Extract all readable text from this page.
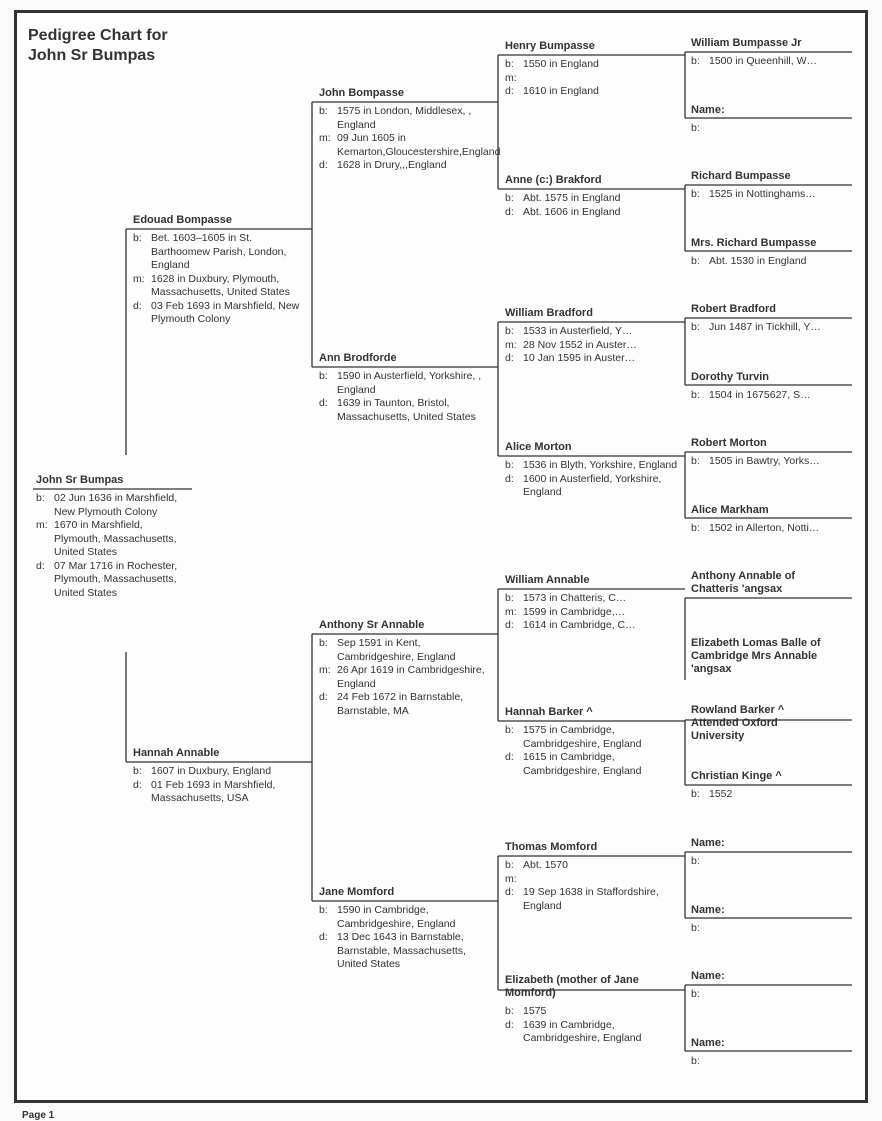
Pedigree Chart for
John Sr Bumpas
John Sr Bumpas
b: 02 Jun 1636 in Marshfield, New Plymouth Colony
m: 1670 in Marshfield, Plymouth, Massachusetts, United States
d: 07 Mar 1716 in Rochester, Plymouth, Massachusetts, United States
Edouad Bompasse
b: Bet. 1603–1605 in St. Barthoomew Parish, London, England
m: 1628 in Duxbury, Plymouth, Massachusetts, United States
d: 03 Feb 1693 in Marshfield, New Plymouth Colony
Hannah Annable
b: 1607 in Duxbury, England
d: 01 Feb 1693 in Marshfield, Massachusetts, USA
John Bompasse
b: 1575 in London, Middlesex, , England
m: 09 Jun 1605 in Kemarton,Gloucestershire,England
d: 1628 in Drury,,,England
Ann Brodforde
b: 1590 in Austerfield, Yorkshire, , England
d: 1639 in Taunton, Bristol, Massachusetts, United States
Anthony Sr Annable
b: Sep 1591 in Kent, Cambridgeshire, England
m: 26 Apr 1619 in Cambridgeshire, England
d: 24 Feb 1672 in Barnstable, Barnstable, MA
Jane Momford
b: 1590 in Cambridge, Cambridgeshire, England
d: 13 Dec 1643 in Barnstable, Barnstable, Massachusetts, United States
Henry Bumpasse
b: 1550 in England
m:
d: 1610 in England
Anne (c:) Brakford
b: Abt. 1575 in England
d: Abt. 1606 in England
William Bradford
b: 1533 in Austerfield, Y…
m: 28 Nov 1552 in Auster…
d: 10 Jan 1595 in Auster…
Alice Morton
b: 1536 in Blyth, Yorkshire, England
d: 1600 in Austerfield, Yorkshire, England
William Annable
b: 1573 in Chatteris, C…
m: 1599 in Cambridge,…
d: 1614 in Cambridge, C…
Hannah Barker ^
b: 1575 in Cambridge, Cambridgeshire, England
d: 1615 in Cambridge, Cambridgeshire, England
Thomas Momford
b: Abt. 1570
m:
d: 19 Sep 1638 in Staffordshire, England
Elizabeth (mother of Jane Momford)
b: 1575
d: 1639 in Cambridge, Cambridgeshire, England
William Bumpasse Jr
b: 1500 in Queenhill, W…
Name:
b:
Richard Bumpasse
b: 1525 in Nottinghams…
Mrs. Richard Bumpasse
b: Abt. 1530 in England
Robert Bradford
b: Jun 1487 in Tickhill, Y…
Dorothy Turvin
b: 1504 in 1675627, S…
Robert Morton
b: 1505 in Bawtry, Yorks…
Alice Markham
b: 1502 in Allerton, Notti…
Anthony Annable of Chatteris 'angsax
Elizabeth Lomas Balle of Cambridge Mrs Annable 'angsax
Rowland Barker ^ Attended Oxford University
Christian Kinge ^
b: 1552
Name:
b:
Name:
b:
Name:
b:
Name:
b:
Page 1
